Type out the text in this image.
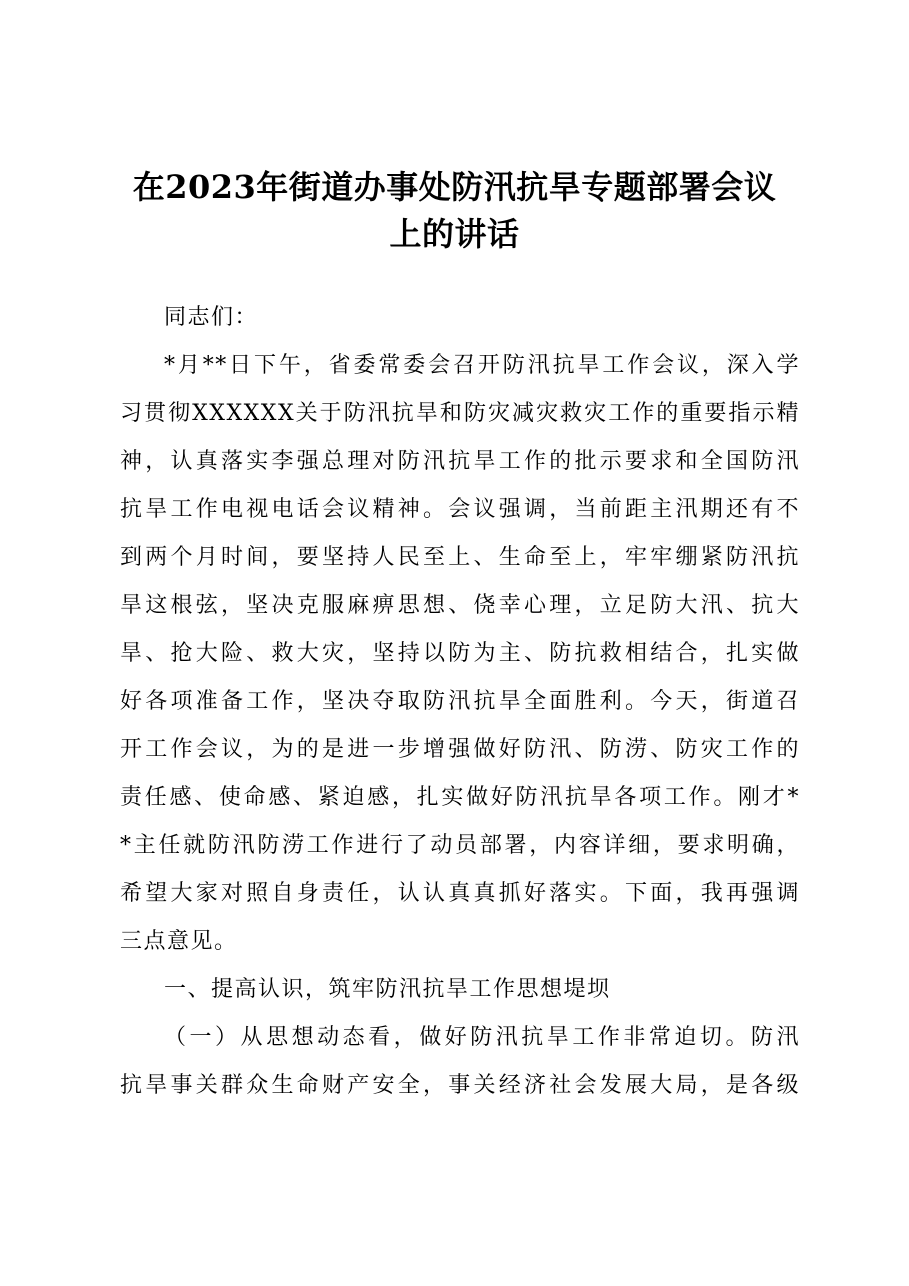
在2023年街道办事处防汛抗旱专题部署会议
上的讲话

同志们：

*月**日下午，省委常委会召开防汛抗旱工作会议，深入学
习贯彻XXXXXX关于防汛抗旱和防灾减灾救灾工作的重要指示精
神，认真落实李强总理对防汛抗旱工作的批示要求和全国防汛
抗旱工作电视电话会议精神。会议强调，当前距主汛期还有不
到两个月时间，要坚持人民至上、生命至上，牢牢绷紧防汛抗
旱这根弦，坚决克服麻痹思想、侥幸心理，立足防大汛、抗大
旱、抢大险、救大灾，坚持以防为主、防抗救相结合，扎实做
好各项准备工作，坚决夺取防汛抗旱全面胜利。今天，街道召
开工作会议，为的是进一步增强做好防汛、防涝、防灾工作的
责任感、使命感、紧迫感，扎实做好防汛抗旱各项工作。刚才*
*主任就防汛防涝工作进行了动员部署，内容详细，要求明确，
希望大家对照自身责任，认认真真抓好落实。下面，我再强调
三点意见。

一、提高认识，筑牢防汛抗旱工作思想堤坝

（一）从思想动态看，做好防汛抗旱工作非常迫切。防汛
抗旱事关群众生命财产安全，事关经济社会发展大局，是各级
